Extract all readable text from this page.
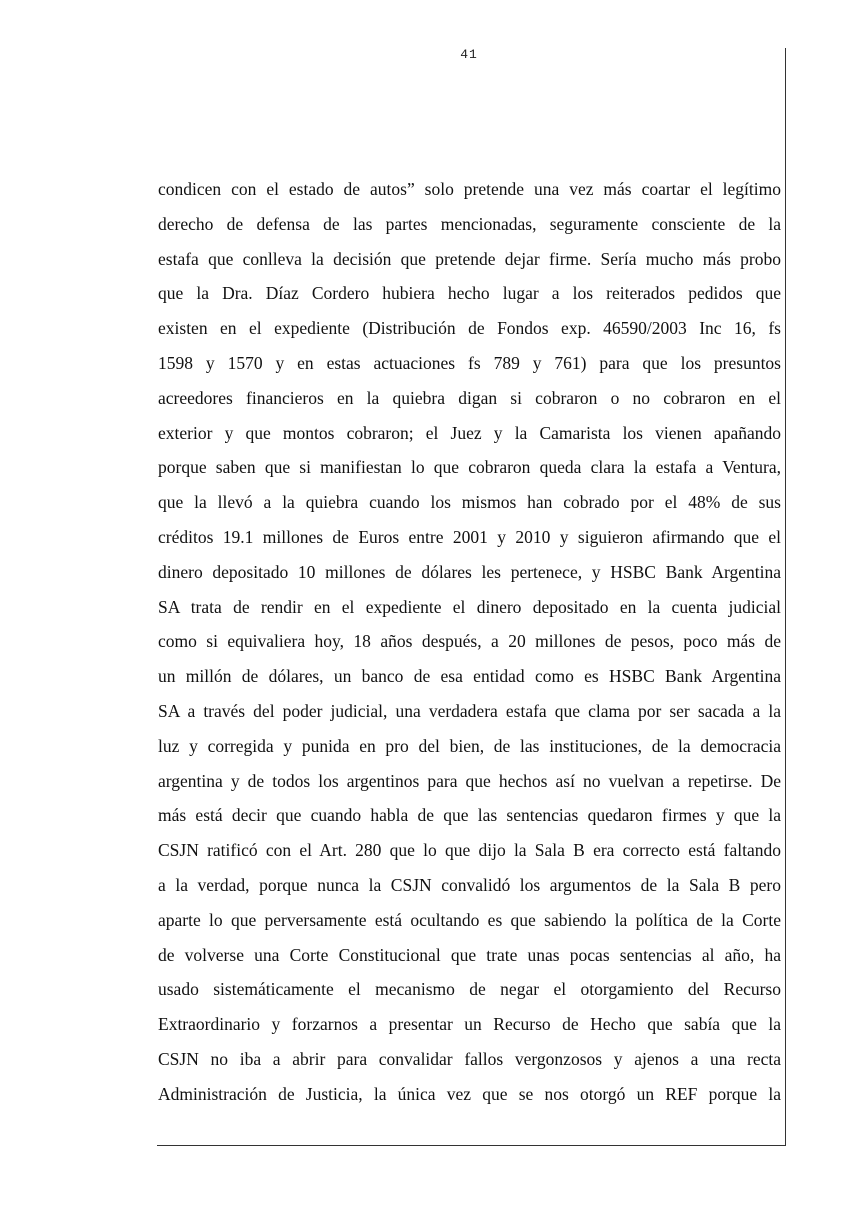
41
condicen con el estado de autos” solo pretende una vez más coartar el legítimo
derecho de defensa de las partes mencionadas, seguramente consciente de la
estafa que conlleva la decisión que pretende dejar firme. Sería mucho más probo
que la Dra. Díaz Cordero hubiera hecho lugar a los reiterados pedidos que
existen en el expediente (Distribución de Fondos exp. 46590/2003 Inc 16, fs
1598 y 1570 y en estas actuaciones fs 789 y 761) para que los presuntos
acreedores financieros en la quiebra digan si cobraron o no cobraron en el
exterior y que montos cobraron; el Juez y la Camarista los vienen apañando
porque saben que si manifiestan lo que cobraron queda clara la estafa a Ventura,
que la llevó a la quiebra cuando los mismos han cobrado por el 48% de sus
créditos 19.1 millones de Euros entre 2001 y 2010 y siguieron afirmando que el
dinero depositado 10 millones de dólares les pertenece, y HSBC Bank Argentina
SA trata de rendir en el expediente el dinero depositado en la cuenta judicial
como si equivaliera hoy, 18 años después, a 20 millones de pesos, poco más de
un millón de dólares, un banco de esa entidad como es HSBC Bank Argentina
SA a través del poder judicial, una verdadera estafa que clama por ser sacada a la
luz y corregida y punida en pro del bien, de las instituciones, de la democracia
argentina y de todos los argentinos para que hechos así no vuelvan a repetirse. De
más está decir que cuando habla de que las sentencias quedaron firmes y que la
CSJN ratificó con el Art. 280 que lo que dijo la Sala B era correcto está faltando
a la verdad, porque nunca la CSJN convalidó los argumentos de la Sala B pero
aparte lo que perversamente está ocultando es que sabiendo la política de la Corte
de volverse una Corte Constitucional que trate unas pocas sentencias al año, ha
usado sistemáticamente el mecanismo de negar el otorgamiento del Recurso
Extraordinario y forzarnos a presentar un Recurso de Hecho que sabía que la
CSJN no iba a abrir para convalidar fallos vergonzosos y ajenos a una recta
Administración de Justicia, la única vez que se nos otorgó un REF porque la
